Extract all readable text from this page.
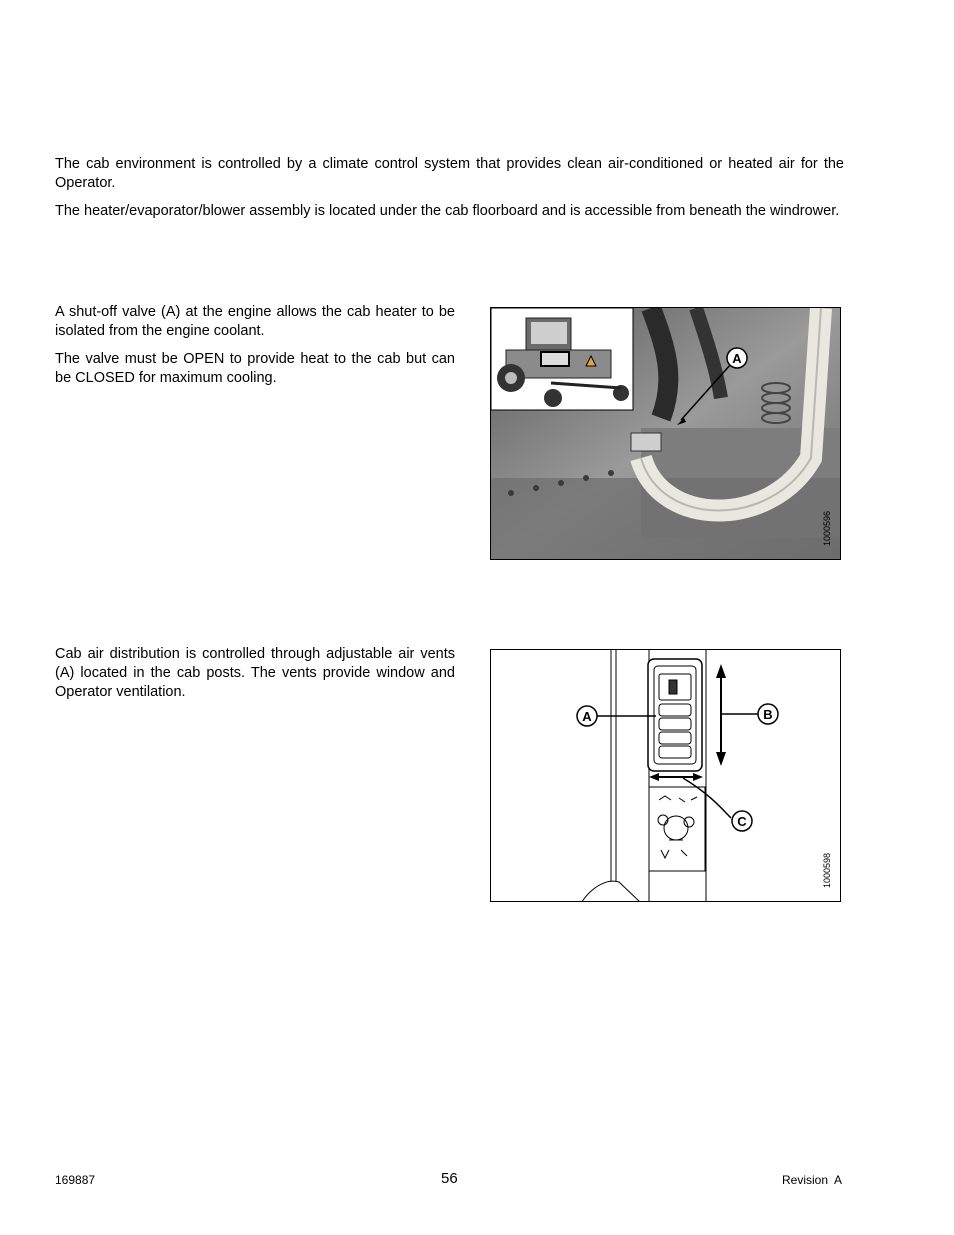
The cab environment is controlled by a climate control system that provides clean air-conditioned or heated air for the Operator.

The heater/evaporator/blower assembly is located under the cab floorboard and is accessible from beneath the windrower.

A shut-off valve (A) at the engine allows the cab heater to be isolated from the engine coolant.

The valve must be OPEN to provide heat to the cab but can be CLOSED for maximum cooling.

A
1000596

Cab air distribution is controlled through adjustable air vents (A) located in the cab posts. The vents provide window and Operator ventilation.

A	B
C
1000598
169887	56	Revision  A
